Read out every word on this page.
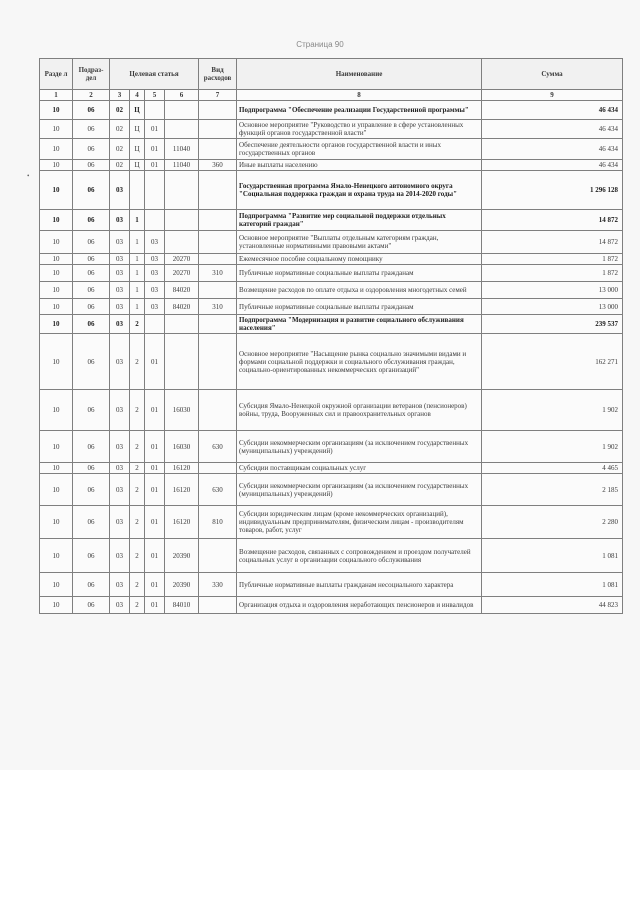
Страница 90
•
Разде л	Подраз- дел	Целевая статья				Вид расходов	Наименование	Сумма
1	2	3	4	5	6	7	8	9
10	06	02	Ц				Подпрограмма "Обеспечение реализации Государственной программы"	46 434
10	06	02	Ц	01			Основное мероприятие "Руководство и управление в сфере установленных функций органов государственной власти"	46 434
10	06	02	Ц	01	11040		Обеспечение деятельности органов государственной власти и иных государственных органов	46 434
10	06	02	Ц	01	11040	360	Иные выплаты населению	46 434
10	06	03					Государственная программа Ямало-Ненецкого автономного округа "Социальная поддержка граждан и охрана труда на 2014-2020 годы"	1 296 128
10	06	03	1				Подпрограмма "Развитие мер социальной поддержки отдельных категорий граждан"	14 872
10	06	03	1	03			Основное мероприятие "Выплаты отдельным категориям граждан, установленные нормативными правовыми актами"	14 872
10	06	03	1	03	20270		Ежемесячное пособие социальному помощнику	1 872
10	06	03	1	03	20270	310	Публичные нормативные социальные выплаты гражданам	1 872
10	06	03	1	03	84020		Возмещение расходов по оплате отдыха и оздоровления многодетных семей	13 000
10	06	03	1	03	84020	310	Публичные нормативные социальные выплаты гражданам	13 000
10	06	03	2				Подпрограмма "Модернизация и развитие социального обслуживания населения"	239 537
10	06	03	2	01			Основное мероприятие "Насыщение рынка социально значимыми видами и формами социальной поддержки и социального обслуживания граждан, социально-ориентированных некоммерческих организаций"	162 271
10	06	03	2	01	16030		Субсидия Ямало-Ненецкой окружной организации ветеранов (пенсионеров) войны, труда, Вооруженных сил и правоохранительных органов	1 902
10	06	03	2	01	16030	630	Субсидии некоммерческим организациям (за исключением государственных (муниципальных) учреждений)	1 902
10	06	03	2	01	16120		Субсидии поставщикам социальных услуг	4 465
10	06	03	2	01	16120	630	Субсидии некоммерческим организациям (за исключением государственных (муниципальных) учреждений)	2 185
10	06	03	2	01	16120	810	Субсидии юридическим лицам (кроме некоммерческих организаций), индивидуальным предпринимателям, физическим лицам - производителям товаров, работ, услуг	2 280
10	06	03	2	01	20390		Возмещение расходов, связанных с сопровождением и проездом получателей социальных услуг в организации социального обслуживания	1 081
10	06	03	2	01	20390	330	Публичные нормативные выплаты гражданам несоциального характера	1 081
10	06	03	2	01	84010		Организация отдыха и оздоровления неработающих пенсионеров и инвалидов	44 823
